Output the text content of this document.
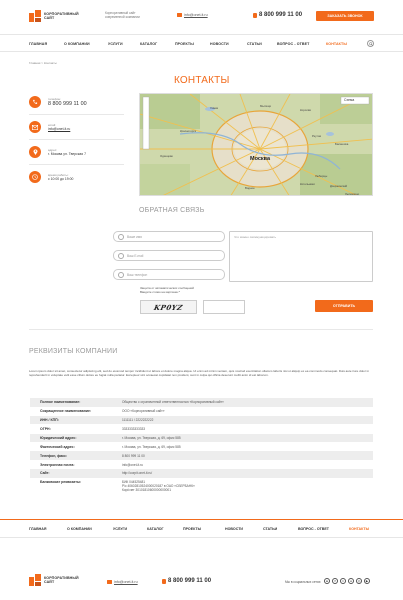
КОРПОРАТИВНЫЙ
САЙТ
Корпоративный сайт
современной компании	info@onet-it.ru	8 800 999 11 00	ЗАКАЗАТЬ ЗВОНОК
ГЛАВНАЯ	О КОМПАНИИ	УСЛУГИ	КАТАЛОГ	ПРОЕКТЫ	НОВОСТИ	СТАТЬИ	ВОПРОС - ОТВЕТ	КОНТАКТЫ
Главная > Контакты
КОНТАКТЫ
телефон:
8 800 999 11 00
email:
info@onet-it.ru
адрес:
г. Москва ул. Тверская 7
время работы:
с 10:00 до 19:00
Схема
Москва
Химки	Мытищи
Королёв
Балашиха
Реутов
Люберцы
Красногорск
Одинцово
Видное	Дзержинский
Котельники
Лыткарино
ОБРАТНАЯ СВЯЗЬ
Ваше имя
Ваш E-mail
Ваш телефон
Что можно скоммуницировать
Защита от автоматических сообщений
Введите слово на картинке:*
KP0YZ	ОТПРАВИТЬ
РЕКВИЗИТЫ КОМПАНИИ
Lorem ipsum dolor sit amet, consectetur adipiscing elit, sed do eiusmod tempor incididunt ut labore et dolore magna aliqua. Ut enim ad minim veniam, quis nostrud exercitation ullamco laboris nisi ut aliquip ex ea commodo consequat. Duis aute irure dolor in reprehenderit in voluptate velit esse cillum dolore eu fugiat nulla pariatur. Excepteur sint occaecat cupidatat non proident, sunt in culpa qui officia deserunt mollit anim id est laborum.
Полное наименование:	Общество с ограниченной ответственностью «Корпоративный сайт»
Сокращенное наименование:	ООО «Корпоративный сайт»
ИНН / КПП:	1111111 / 2222222222
ОГРН:	3333333333333
Юридический адрес:	г. Москва, ул. Тверская, д. 69, офис 585
Фактический адрес:	г. Москва, ул. Тверская, д. 69, офис 585
Телефон, факс:	8 800 999 11 00
Электронная почта:	info@onet-it.ru
Сайт:	http://corpit.onet-it.ru/
Банковские реквизиты:	БИК 044525481
Р/с 40602810524000020187 в ОАО «СБЕРБАНК»
Кор/счет 30101810600000000001
ГЛАВНАЯ	О КОМПАНИИ	УСЛУГИ	КАТАЛОГ	ПРОЕКТЫ	НОВОСТИ	СТАТЬИ	ВОПРОС - ОТВЕТ	КОНТАКТЫ
КОРПОРАТИВНЫЙ
САЙТ	info@onet-it.ru	8 800 999 11 00	Мы в социальных сетях:	в	f	t	о	◎	▶
